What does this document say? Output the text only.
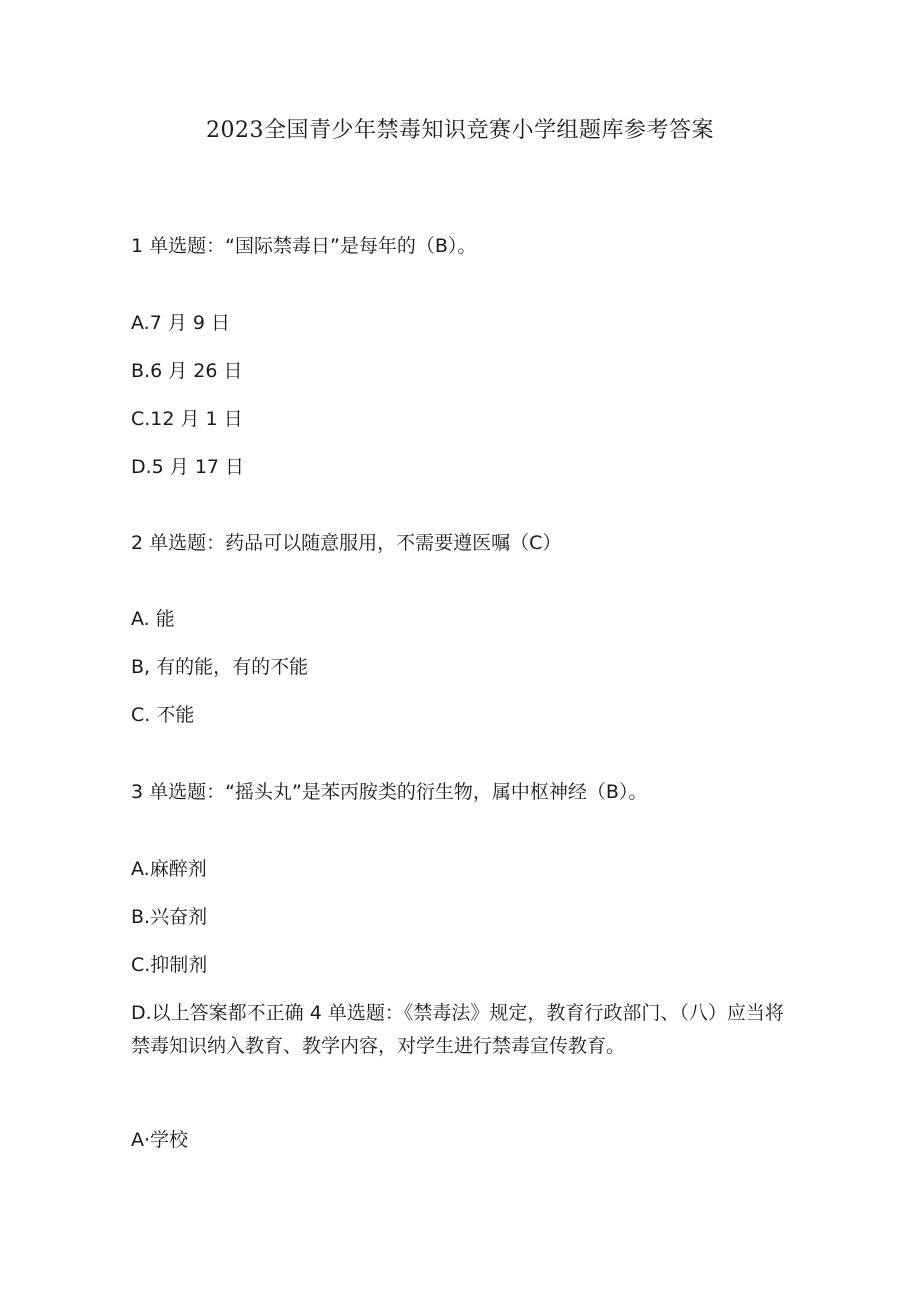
2023全国青少年禁毒知识竞赛小学组题库参考答案

1 单选题：“国际禁毒日”是每年的（B）。

A.7 月 9 日

B.6 月 26 日

C.12 月 1 日

D.5 月 17 日

2 单选题：药品可以随意服用，不需要遵医嘱（C）

A. 能

B, 有的能，有的不能

C. 不能

3 单选题：“摇头丸”是苯丙胺类的衍生物，属中枢神经（B）。

A.麻醉剂

B.兴奋剂

C.抑制剂

D.以上答案都不正确 4 单选题：《禁毒法》规定，教育行政部门、（八）应当将禁毒知识纳入教育、教学内容，对学生进行禁毒宣传教育。

A·学校
